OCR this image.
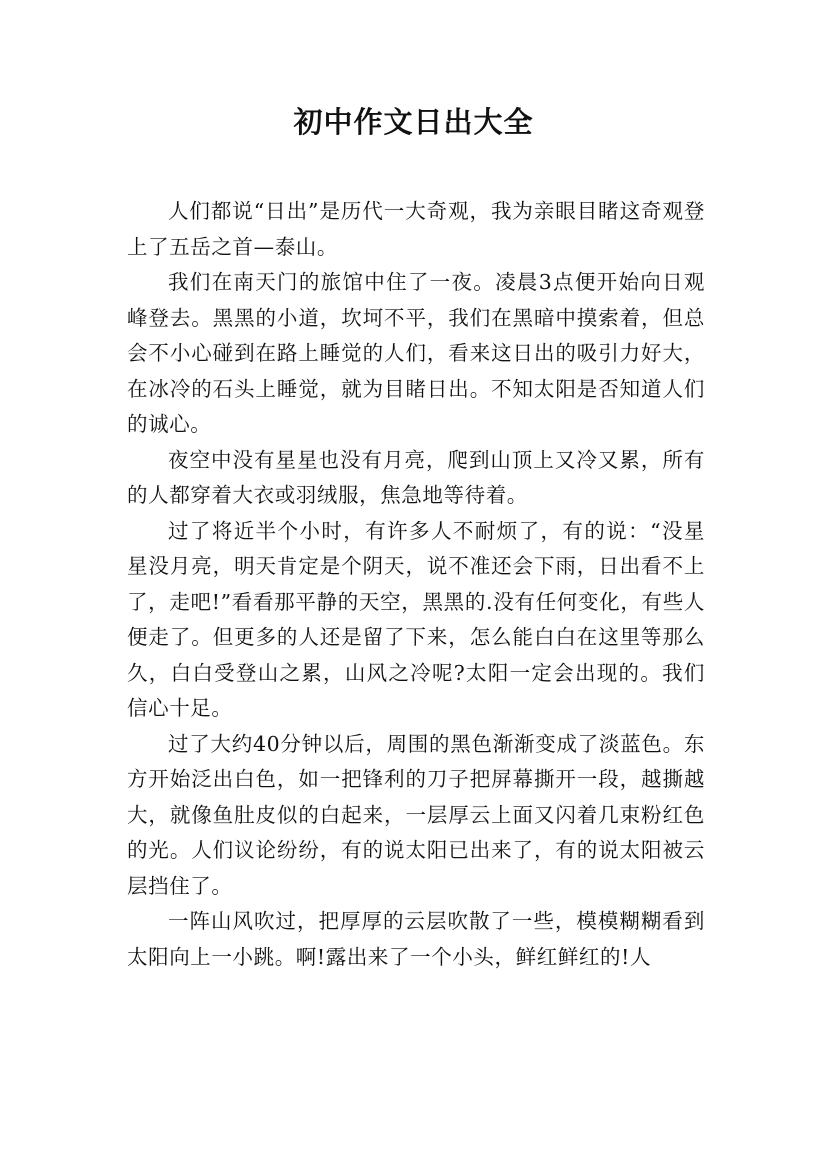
初中作文日出大全

人们都说“日出”是历代一大奇观，我为亲眼目睹这奇观登上了五岳之首—泰山。

我们在南天门的旅馆中住了一夜。凌晨3点便开始向日观峰登去。黑黑的小道，坎坷不平，我们在黑暗中摸索着，但总会不小心碰到在路上睡觉的人们，看来这日出的吸引力好大，在冰冷的石头上睡觉，就为目睹日出。不知太阳是否知道人们的诚心。

夜空中没有星星也没有月亮，爬到山顶上又冷又累，所有的人都穿着大衣或羽绒服，焦急地等待着。

过了将近半个小时，有许多人不耐烦了，有的说：“没星星没月亮，明天肯定是个阴天，说不准还会下雨，日出看不上了，走吧!”看看那平静的天空，黑黑的.没有任何变化，有些人便走了。但更多的人还是留了下来，怎么能白白在这里等那么久，白白受登山之累，山风之冷呢?太阳一定会出现的。我们信心十足。

过了大约40分钟以后，周围的黑色渐渐变成了淡蓝色。东方开始泛出白色，如一把锋利的刀子把屏幕撕开一段，越撕越大，就像鱼肚皮似的白起来，一层厚云上面又闪着几束粉红色的光。人们议论纷纷，有的说太阳已出来了，有的说太阳被云层挡住了。

一阵山风吹过，把厚厚的云层吹散了一些，模模糊糊看到太阳向上一小跳。啊!露出来了一个小头，鲜红鲜红的!人
